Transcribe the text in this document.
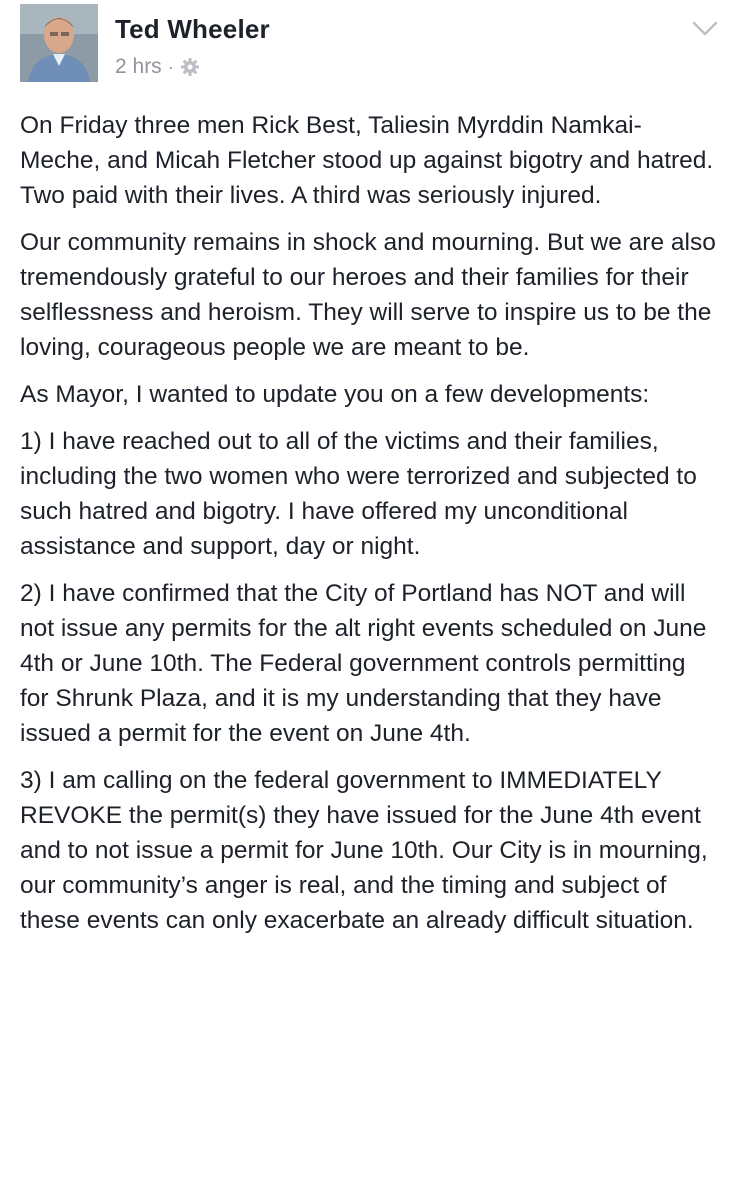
Ted Wheeler
2 hrs ·

On Friday three men Rick Best, Taliesin Myrddin Namkai-Meche, and Micah Fletcher stood up against bigotry and hatred. Two paid with their lives. A third was seriously injured.

Our community remains in shock and mourning. But we are also tremendously grateful to our heroes and their families for their selflessness and heroism. They will serve to inspire us to be the loving, courageous people we are meant to be.

As Mayor, I wanted to update you on a few developments:

1) I have reached out to all of the victims and their families, including the two women who were terrorized and subjected to such hatred and bigotry. I have offered my unconditional assistance and support, day or night.

2) I have confirmed that the City of Portland has NOT and will not issue any permits for the alt right events scheduled on June 4th or June 10th. The Federal government controls permitting for Shrunk Plaza, and it is my understanding that they have issued a permit for the event on June 4th.

3) I am calling on the federal government to IMMEDIATELY REVOKE the permit(s) they have issued for the June 4th event and to not issue a permit for June 10th. Our City is in mourning, our community’s anger is real, and the timing and subject of these events can only exacerbate an already difficult situation.
